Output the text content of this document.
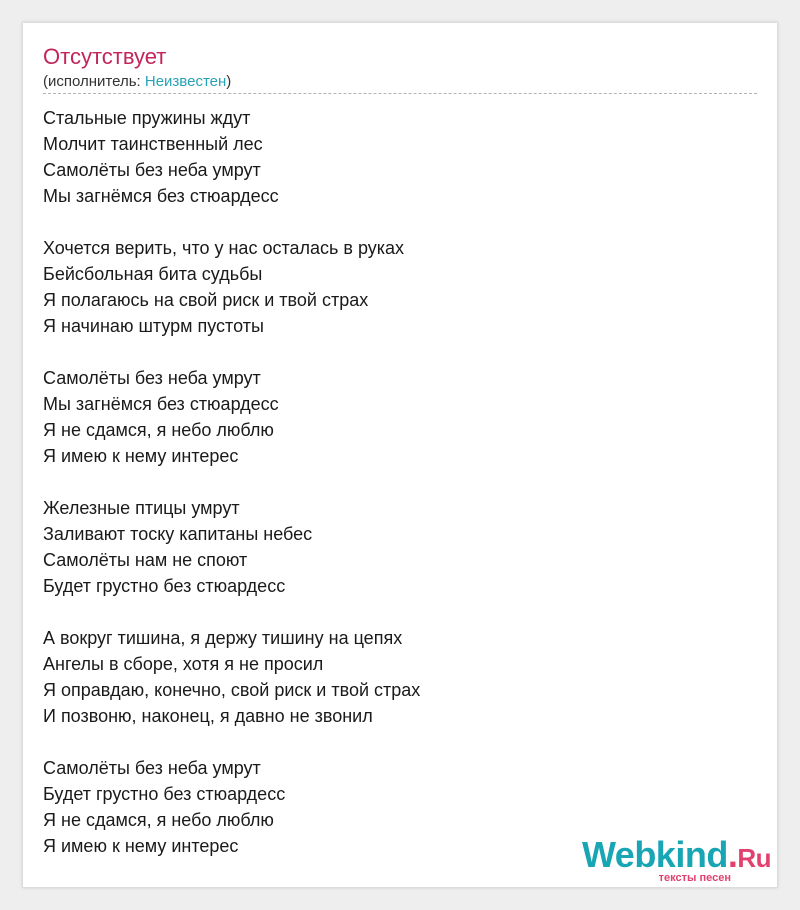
Отсутствует
(исполнитель: Неизвестен)
Стальные пружины ждут
Молчит таинственный лес
Самолёты без неба умрут
Мы загнёмся без стюардесс
Хочется верить, что у нас осталась в руках
Бейсбольная бита судьбы
Я полагаюсь на свой риск и твой страх
Я начинаю штурм пустоты
Самолёты без неба умрут
Мы загнёмся без стюардесс
Я не сдамся, я небо люблю
Я имею к нему интерес
Железные птицы умрут
Заливают тоску капитаны небес
Самолёты нам не споют
Будет грустно без стюардесс
А вокруг тишина, я держу тишину на цепях
Ангелы в сборе, хотя я не просил
Я оправдаю, конечно, свой риск и твой страх
И позвоню, наконец, я давно не звонил
Самолёты без неба умрут
Будет грустно без стюардесс
Я не сдамся, я небо люблю
Я имею к нему интерес	Webkind.Ru
тексты песен
